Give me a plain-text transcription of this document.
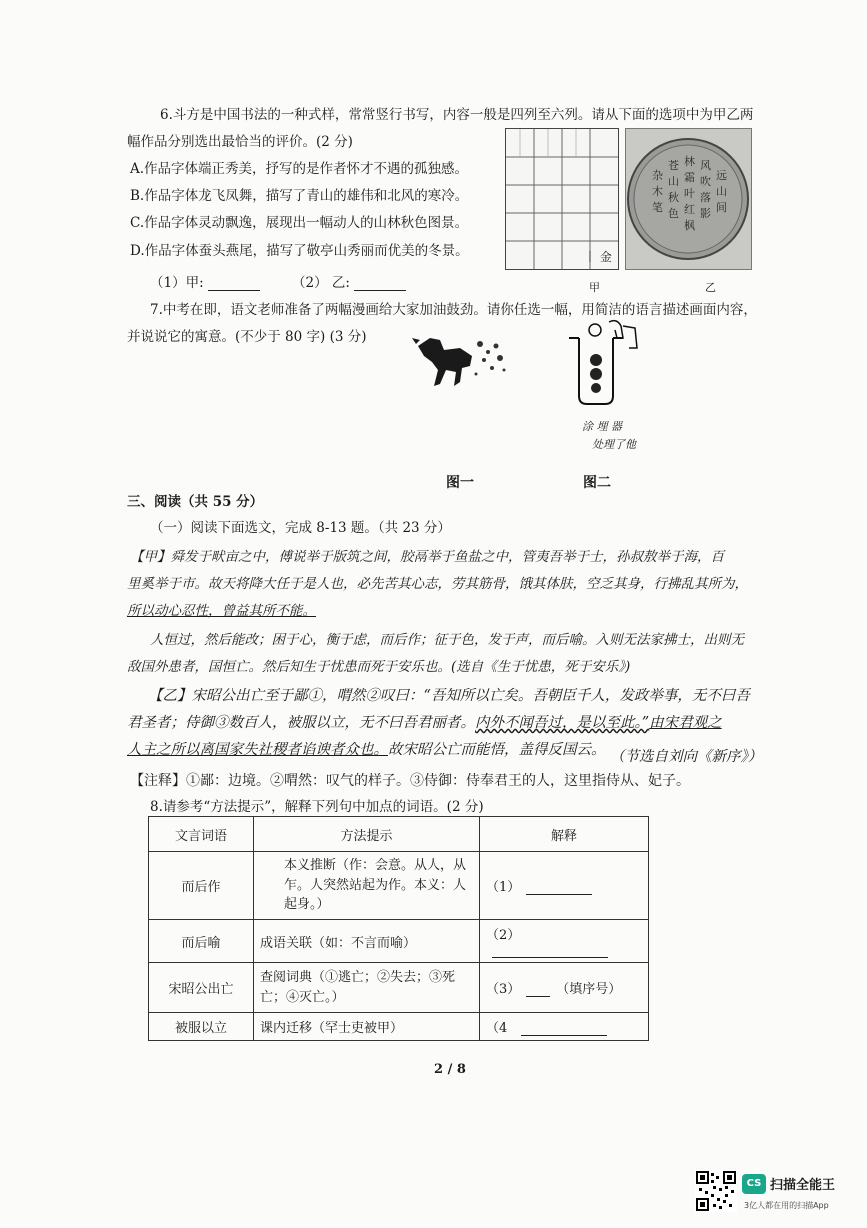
6.斗方是中国书法的一种式样，常常竖行书写，内容一般是四列至六列。请从下面的选项中为甲乙两
幅作品分别选出最恰当的评价。(2 分)
A.作品字体端正秀美，抒写的是作者怀才不遇的孤独感。
B.作品字体龙飞凤舞，描写了青山的雄伟和北风的寒冷。
C.作品字体灵动飘逸，展现出一幅动人的山林秋色图景。
D.作品字体蚕头燕尾，描写了敬亭山秀丽而优美的冬景。
（1）甲:	（2） 乙:
丨 金
杂
木
笔
苍
山
秋
色
林
霜
叶
红
枫
风
吹
落
影
远
山
间
甲	乙
7.中考在即，语文老师准备了两幅漫画给大家加油鼓劲。请你任选一幅，用简洁的语言描述画面内容，
并说说它的寓意。(不少于 80 字) (3 分)
涂 埋 器
处理了他
图一	图二
三、阅读（共 55 分）
（一）阅读下面选文，完成 8-13 题。（共 23 分）
【甲】舜发于畎亩之中，傅说举于版筑之间，胶鬲举于鱼盐之中，管夷吾举于士，孙叔敖举于海，百
里奚举于市。故天将降大任于是人也，必先苦其心志，劳其筋骨，饿其体肤，空乏其身，行拂乱其所为，
所以动心忍性，曾益其所不能。
人恒过，然后能改；困于心，衡于虑，而后作；征于色，发于声，而后喻。入则无法家拂士，出则无
敌国外患者，国恒亡。然后知生于忧患而死于安乐也。(选自《生于忧患，死于安乐》)
【乙】宋昭公出亡至于鄙①，喟然②叹曰：“吾知所以亡矣。吾朝臣千人，发政举事，无不曰吾
君圣者；侍御③数百人，被服以立，无不曰吾君丽者。内外不闻吾过，是以至此。”由宋君观之
人主之所以离国家失社稷者谄谀者众也。故宋昭公亡而能悟，盖得反国云。 （节选自刘向《新序》）
【注释】①鄙：边境。②喟然：叹气的样子。③侍御：侍奉君王的人，这里指侍从、妃子。
8.请参考“方法提示”，解释下列句中加点的词语。(2 分)
文言词语	方法提示	解释
而后作	本义推断（作：会意。从人，从乍。人突然站起为作。本义：人起身。）	（1）
而后喻	成语关联（如：不言而喻）	（2）
宋昭公出亡	查阅词典（①逃亡；②失去；③死亡；④灭亡。）	（3） （填序号）
被服以立	课内迁移（罕士吏被甲）	（4
2 / 8
CS 扫描全能王
3亿人都在用的扫描App
